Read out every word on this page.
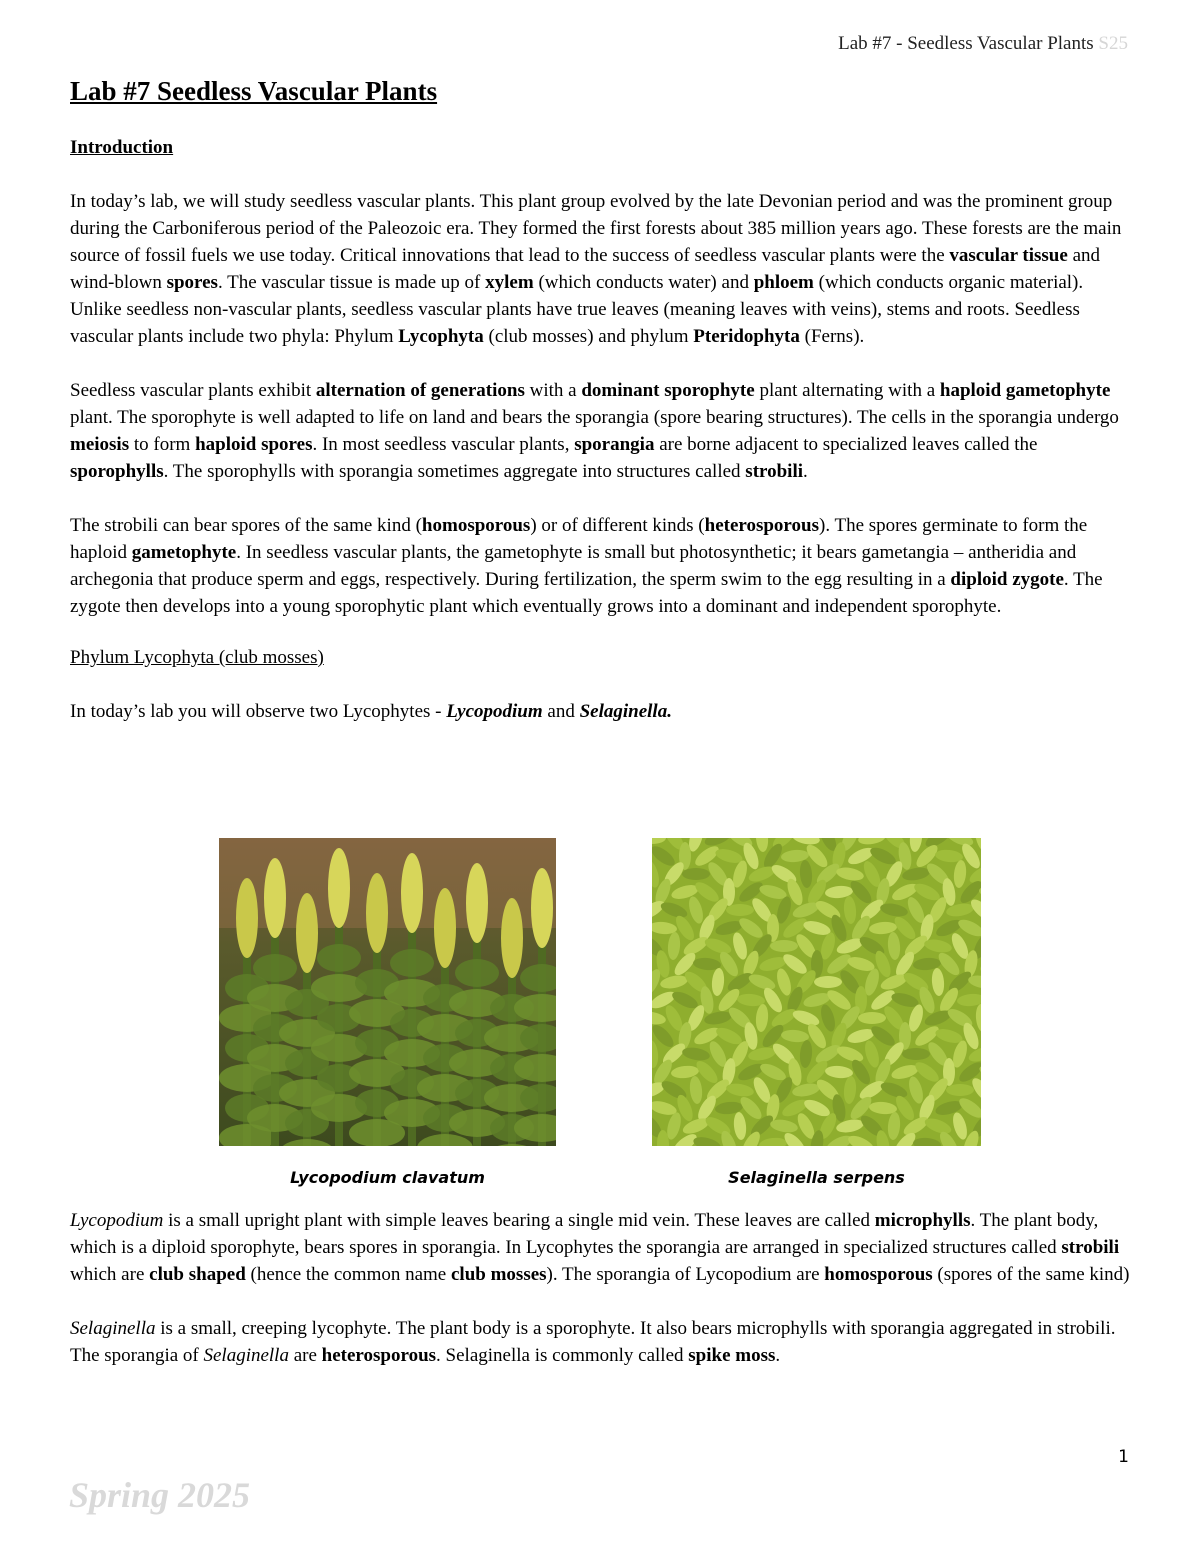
Lab #7 - Seedless Vascular Plants S25
Lab #7 Seedless Vascular Plants
Introduction

In today’s lab, we will study seedless vascular plants. This plant group evolved by the late Devonian period and was the prominent group during the Carboniferous period of the Paleozoic era. They formed the first forests about 385 million years ago. These forests are the main source of fossil fuels we use today. Critical innovations that lead to the success of seedless vascular plants were the vascular tissue and wind-blown spores. The vascular tissue is made up of xylem (which conducts water) and phloem (which conducts organic material). Unlike seedless non-vascular plants, seedless vascular plants have true leaves (meaning leaves with veins), stems and roots. Seedless vascular plants include two phyla: Phylum Lycophyta (club mosses) and phylum Pteridophyta (Ferns).

Seedless vascular plants exhibit alternation of generations with a dominant sporophyte plant alternating with a haploid gametophyte plant. The sporophyte is well adapted to life on land and bears the sporangia (spore bearing structures). The cells in the sporangia undergo meiosis to form haploid spores. In most seedless vascular plants, sporangia are borne adjacent to specialized leaves called the sporophylls. The sporophylls with sporangia sometimes aggregate into structures called strobili.

The strobili can bear spores of the same kind (homosporous) or of different kinds (heterosporous). The spores germinate to form the haploid gametophyte. In seedless vascular plants, the gametophyte is small but photosynthetic; it bears gametangia – antheridia and archegonia that produce sperm and eggs, respectively. During fertilization, the sperm swim to the egg resulting in a diploid zygote. The zygote then develops into a young sporophytic plant which eventually grows into a dominant and independent sporophyte.

Phylum Lycophyta (club mosses)

In today’s lab you will observe two Lycophytes - Lycopodium and Selaginella.

Lycopodium clavatum	Selaginella serpens

Lycopodium is a small upright plant with simple leaves bearing a single mid vein. These leaves are called microphylls. The plant body, which is a diploid sporophyte, bears spores in sporangia. In Lycophytes the sporangia are arranged in specialized structures called strobili which are club shaped (hence the common name club mosses). The sporangia of Lycopodium are homosporous (spores of the same kind)

Selaginella is a small, creeping lycophyte. The plant body is a sporophyte. It also bears microphylls with sporangia aggregated in strobili. The sporangia of Selaginella are heterosporous. Selaginella is commonly called spike moss.

1
Spring 2025
